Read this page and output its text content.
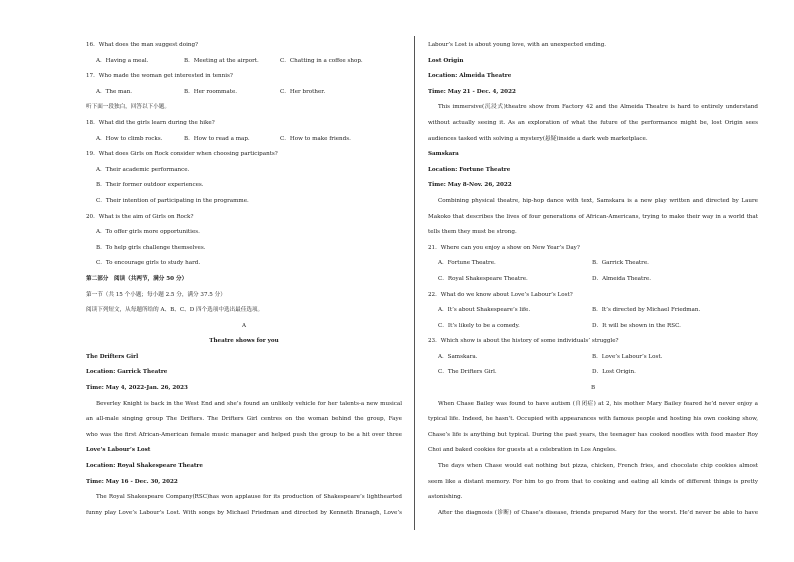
16．What does the man suggest doing?
A．Having a meal.	B．Meeting at the airport.	C．Chatting in a coffee shop.
17．Who made the woman get interested in tennis?
A．The man.	B．Her roommate.	C．Her brother.
听下面一段独白，回答以下小题。
18．What did the girls learn during the hike?
A．How to climb rocks.	B．How to read a map.	C．How to make friends.
19．What does Girls on Rock consider when choosing participants?
A．Their academic performance.
B．Their former outdoor experiences.
C．Their intention of participating in the programme.
20．What is the aim of Girls on Rock?
A．To offer girls more opportunities.
B．To help girls challenge themselves.
C．To encourage girls to study hard.
第二部分　阅读（共两节，满分 50 分）
第一节（共 15 个小题；每小题 2.5 分，满分 37.5 分）
阅读下列短文，从每题所给的 A、B、C、D 四个选项中选出最佳选项。
A
Theatre shows for you
The Drifters Girl
Location: Garrick Theatre
Time: May 4, 2022-Jan. 26, 2023
Beverley Knight is back in the West End and she’s found an unlikely vehicle for her talents-a new musical
an all-male singing group The Drifters. The Drifters Girl centres on the woman behind the group, Faye
who was the first African-American female music manager and helped push the group to be a hit over three
Love’s Labour’s Lost
Location: Royal Shakespeare Theatre
Time: May 16 - Dec. 30, 2022
The Royal Shakespeare Company(RSC)has won applause for its production of Shakespeare’s lighthearted
funny play Love’s Labour’s Lost. With songs by Michael Friedman and directed by Kenneth Branagh, Love’s
Labour’s Lost is about young love, with an unexpected ending.
Lost Origin
Location: Almeida Theatre
Time: May 21 - Dec. 4, 2022
This immersive(沉浸式)theatre show from Factory 42 and the Almeida Theatre is hard to entirely understand
without actually seeing it. As an exploration of what the future of the performance might be, lost Origin sees
audiences tasked with solving a mystery(悬疑)inside a dark web marketplace.
Samskara
Location: Fortune Theatre
Time: May 8-Nov. 26, 2022
Combining physical theatre, hip-hop dance with text, Samskara is a new play written and directed by Laure
Makoko that describes the lives of four generations of African-Americans, trying to make their way in a world that
tells them they must be strong.
21．Where can you enjoy a show on New Year’s Day?
A．Fortune Theatre.	B．Garrick Theatre.
C．Royal Shakespeare Theatre.	D．Almeida Theatre.
22．What do we know about Love’s Labour’s Lost?
A．It’s about Shakespeare’s life.	B．It’s directed by Michael Friedman.
C．It’s likely to be a comedy.	D．It will be shown in the RSC.
23．Which show is about the history of some individuals’ struggle?
A．Samskara.	B．Love’s Labour’s Lost.
C．The Drifters Girl.	D．Lost Origin.
B
When Chase Bailey was found to have autism (自闭症) at 2, his mother Mary Bailey feared he’d never enjoy a
typical life. Indeed, he hasn’t. Occupied with appearances with famous people and hosting his own cooking show,
Chase’s life is anything but typical. During the past years, the teenager has cooked noodles with food master Roy
Choi and baked cookies for guests at a celebration in Los Angeles.
The days when Chase would eat nothing but pizza, chicken, French fries, and chocolate chip cookies almost
seem like a distant memory. For him to go from that to cooking and eating all kinds of different things is pretty
astonishing.
After the diagnosis (诊断) of Chase’s disease, friends prepared Mary for the worst. He’d never be able to have
